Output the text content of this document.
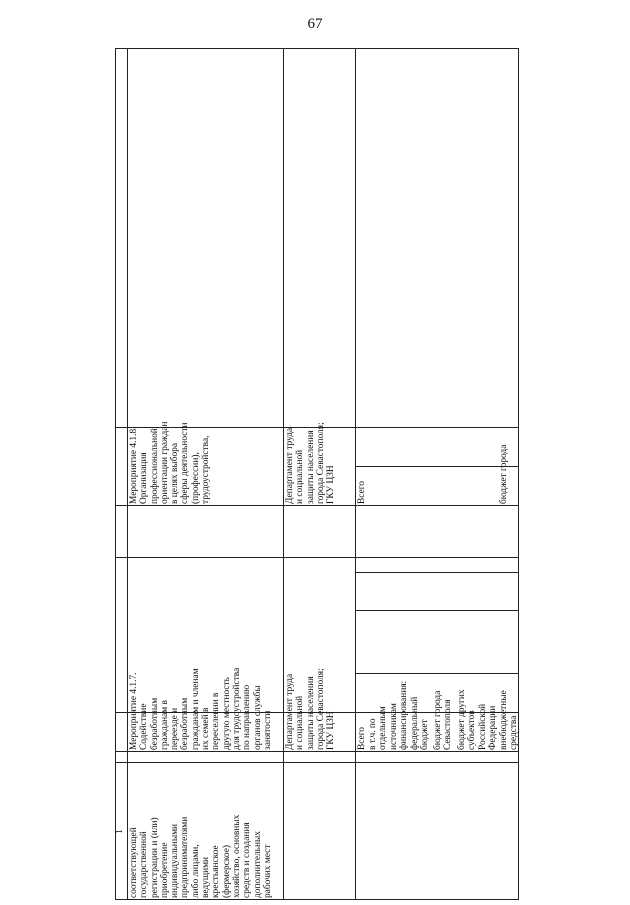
67
1 соответствующей
государственной
регистрации и (или)
приобретение
индивидуальными
предпринимателями
либо лицами,
ведущими
крестьянское
(фермерское)
хозяйство, основных
средств и создания
дополнительных
рабочих мест
Мероприятие 4.1.7.
Содействие
безработным
гражданам в
переезде и
безработным
гражданам и членам
их семей в
переселении в
другую местность
для трудоустройства
по направлению
органов службы
занятости
Мероприятие 4.1.8.
Организация
профессиональной
ориентации граждан
в целях выбора
сферы деятельности
(профессии),
трудоустройства,
Департамент труда
и социальной
защиты населения
города Севастополя;
ГКУ ЦЗН
Департамент труда
и социальной
защиты населения
города Севастополя;
ГКУ ЦЗН
Всего в т.ч. по
отдельным
источникам
финансирования: федеральный
бюджет бюджет города
Севастополя бюджет других
субъектов
Российской
Федерации внебюджетные
средства
Всего	бюджет города
